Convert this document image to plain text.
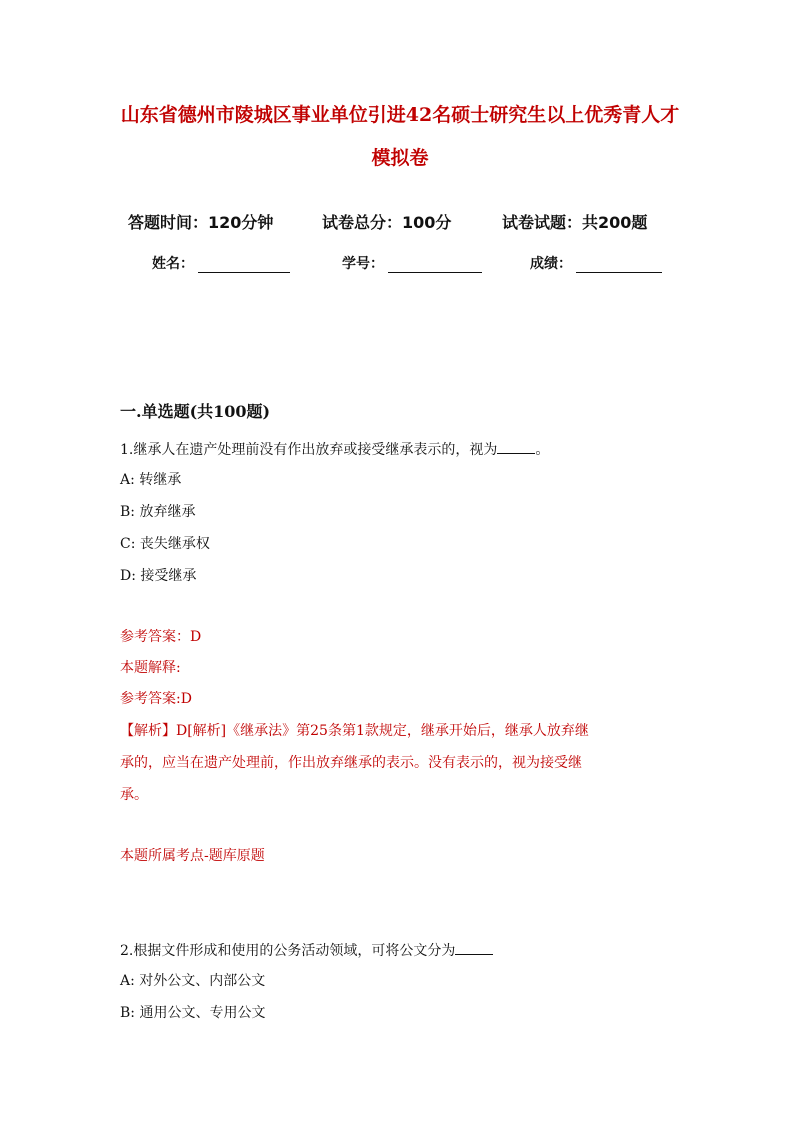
山东省德州市陵城区事业单位引进42名硕士研究生以上优秀青人才
模拟卷
答题时间：120分钟	试卷总分：100分	试卷试题：共200题
姓名：	学号：	成绩：
一.单选题(共100题)
1.继承人在遗产处理前没有作出放弃或接受继承表示的，视为	。
A: 转继承
B: 放弃继承
C: 丧失继承权
D: 接受继承
参考答案：D
本题解释:
参考答案:D
【解析】D[解析]《继承法》第25条第1款规定，继承开始后，继承人放弃继
承的，应当在遗产处理前，作出放弃继承的表示。没有表示的，视为接受继
承。
本题所属考点-题库原题
2.根据文件形成和使用的公务活动领域，可将公文分为
A: 对外公文、内部公文
B: 通用公文、专用公文
